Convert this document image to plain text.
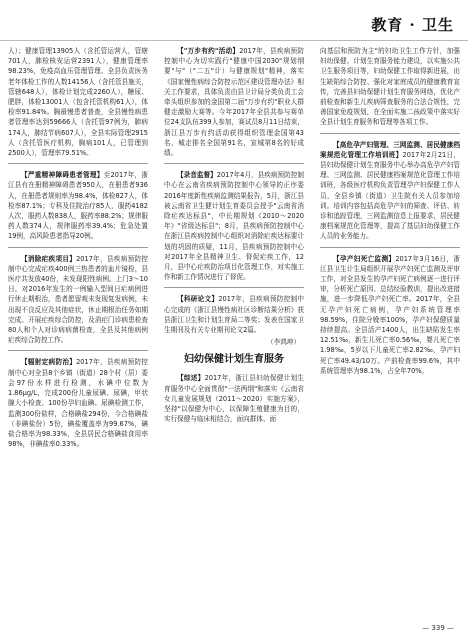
教育 · 卫生

人）；健康管理13905人（含托管运营人，管辖701人，肺检核安运营2391人），健康管理率98.23%，免疫高血压管理管理、全县负责医务老年体检工作的人数14156人（含托管县施关，管辖648人），体检计划完成2260人），糖尿、肥胖，体检13001人（包含托管机构61人），体检率91.84%。胸最慢患者普查，全县慢性病患者管理率达到59666人（含托管97例为，肺病174人，肺结节病607人），全县实际管理2915人（含托管医疗机构，胸病101人，已管理到2500人），管理率79.51%。

【严重精神障碍患者管理】至2017年，浙江县有在册精神障碍患者950人，在册患者936人，在册患者规则率为98.4%，体检827人，体检率87.1%；专科及住院治疗85人，服药4182人次，服药人数838人，服药率88.2%；规律服药人数374人，规律服药率39.4%；危急处置19例，高风险患者指导20例。

【消除疟疾项目】2017年，县疾病预防控制中心完成疟疾400例三热患者的血片镜检，县医疗共发放40份，未发现阳性病例。上门3～10日，对2016年发生的一例输入型间日疟病例进行休止期根治，患者愿留观未发现复发病例，未出现不良反应及其他症状，休止期根治任务如期完成。开展疟疾综合防控，及消疟门诊病患检查80人和个人对诊病病菌检查，全县及其他病例疟疾综合防控工作。

【辐射定病防治】2017年，县疾病预防控制中心对全县8个乡镇（街道）28个村（居）委会97份水样进行检测，水碘中位数为1.86μg/L，完成200份儿童尿碘、尿碘，甲状腺大小检查、100份孕妇血碘、尿碘检测工作，监测300份盐样，合格碘盐294份，今合格碘盐（非碘盐份）5份，碘盐覆盖率为99.67%，碘盐合格率为98.33%，全县居民合格碘盐食用率98%，非碘盐率0.33%。

【"万步有约"活动】2017年，县疾病预防控制中心为切实践行"健康中国2030"规划纲要"与"（"二五"计）与健康规划"精神，落实《国家慢性病综合防控示范区建设管理办法》相关工作要求，具体负责由县卫计局分类负责工会牵头组织参加的金国第二届"万步有约"职业人群健走激励大赛等。今年2017年全县共参与赛单位24支队伍399人参加，赛试员8月11日结束，浙江县万步有约活动获得组织管理金国第43名，城走排名全国第91名，宣城第8名的好成绩。

【录音监督】2017年4月，县疾病预防控制中心在云南省疾病预防控制中心领导的正序委2016年度新性疾病监测结果报告，5月，浙江县被云南省卫生健计划生育委员会授予"云南省消除疟疾达标县"，中长期规划《2010～2020年》"省级达标县"；8月，县疾病预防控制中心在浙江县疾病控制中心组织对消除疟疾达标要计划的巩固的质疑，11月，县疾病预防控制中心对2017年全县精神卫生、督促疟疾工作，12月，县中心疟疾防治项目化管理工作，对实施工作和新工作情况进行了督促。

【科研论文】2017年，县疾病预防控制中心完成的《浙江县慢性病社区诊断结果分析》获县浙江卫生和计划生育局二等奖；发表在国家卫生期刊及有关专业期刊论文2篇。

（李鸿坤）
妇幼保健计划生育服务

【综述】2017年，浙江县妇幼保健计划生育服务中心全面贯彻"一法两纲"和落实《云南省女儿童发展规划（2011～2020）实施方案》，坚持"以保健为中心，以保障生殖健康为目的，实行保健与临床相结合，面向群体、面

向基层和预防为主"的妇幼卫生工作方针，加强妇幼保健、计划生育服务能力建设，以实施公共卫生服务项目等，妇幼保健工作取得新进展，出生缺陷综合防控、强化对家庭成员的健康教育宣传，完善县妇幼保健计划生育服务网络，优化产前检查和新生儿疾病筛查服务的合法合规性，完善国家免疫规划，在全面实施二孩政策中落实好全县计划生育服务和管理等各项工作。

【高危孕产妇管理、三网监测、居民健康档案规范化管理工作培训班】2017年2月21日，县妇幼保健计划生育服务中心举办高危孕产妇管理、三网监测、居民健康档案规范化管理工作培训班，各级医疗机构负责管理孕产妇保健工作人员，全县乡镇（街道）卫生院有关人员参加培训。培训内容包括高危孕产妇的筛查、评估、转诊和追踪管理，三网监测信息上报要求，居民健康档案规范化管理等，提高了基层妇幼保健工作人员的业务能力。

【孕产妇死亡监测】2017年3月16日，浙江县卫生计生局组织开展孕产妇死亡监测及评审工作，对全县发生的孕产妇死亡病例逐一进行评审，分析死亡原因、总结经验教训，提出改进措施，进一步降低孕产妇死亡率。2017年，全县无孕产妇死亡病例，孕产妇系统管理率98.59%，住院分娩率100%，孕产妇保健质量持续提高。全县活产1400人，出生缺陷发生率12.51‰，新生儿死亡率0.56‰，婴儿死亡率1.98‰，5岁以下儿童死亡率2.82‰，孕产妇死亡率49.43/10万。产前检查率99.6%，其中系统管理率为98.1%，占全年70%。

— 339 —
